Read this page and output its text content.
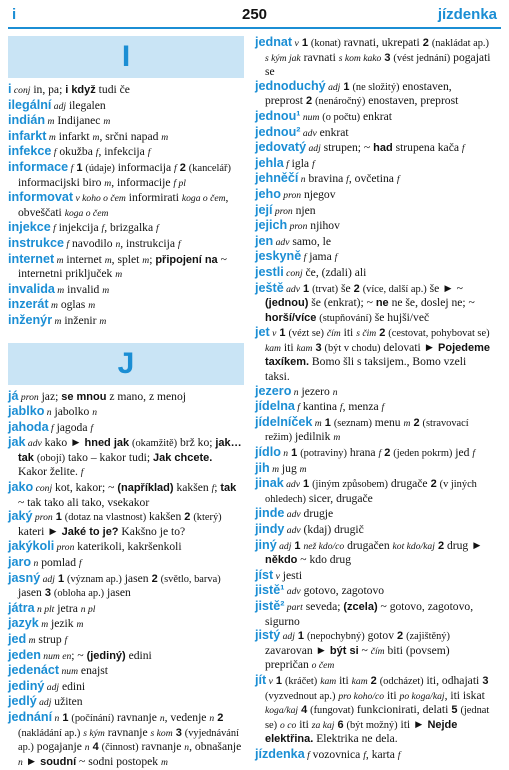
i	250	jízdenka
I
i conj in, pa; i když tudi če
ilegální adj ilegalen
indián m Indijanec m
infarkt m infarkt m, srčni napad m
infekce f okužba f, infekcija f
informace f 1 (údaje) informacija f 2 (kancelář) informacijski biro m, informacije f pl
informovat v koho o čem informirati koga o čem, obveščati koga o čem
injekce f injekcija f, brizgalka f
instrukce f navodilo n, instrukcija f
internet m internet m, splet m; připojení na ~ internetni priključek m
invalida m invalid m
inzerát m oglas m
inženýr m inženir m
J
já pron jaz; se mnou z mano, z menoj
jablko n jabolko n
jahoda f jagoda f
jak adv kako ► hned jak (okamžitě) brž ko; jak… tak (obojí) tako – kakor tudi; Jak chcete. Kakor želite. f
jako conj kot, kakor; ~ (například) kakšen f; tak ~ tak tako ali tako, vsekakor
jaký pron 1 (dotaz na vlastnost) kakšen 2 (který) kateri ► Jaké to je? Kakšno je to?
jakýkoli pron katerikoli, kakršenkoli
jaro n pomlad f
jasný adj 1 (význam ap.) jasen 2 (světlo, barva) jasen 3 (obloha ap.) jasen
játra n plt jetra n pl
jazyk m jezik m
jed m strup f
jeden num en; ~ (jediný) edini
jedenáct num enajst
jediný adj edini
jedlý adj užiten
jednání n 1 (počínání) ravnanje n, vedenje n 2 (nakládání ap.) s kým ravnanje s kom 3 (vyjednávání ap.) pogajanje n 4 (činnost) ravnanje n, obnašanje n ► soudní ~ sodni postopek m
jednat v 1 (konat) ravnati, ukrepati 2 (nakládat ap.) s kým jak ravnati s kom kako 3 (vést jednání) pogajati se
jednoduchý adj 1 (ne složitý) enostaven, preprost 2 (nenáročný) enostaven, preprost
jednou¹ num (o počtu) enkrat
jednou² adv enkrat
jedovatý adj strupen; ~ had strupena kača f
jehla f igla f
jehněčí n bravina f, ovčetina f
jeho pron njegov
její pron njen
jejich pron njihov
jen adv samo, le
jeskyně f jama f
jestli conj če, (zdali) ali
ještě adv 1 (trvat) še 2 (více, další ap.) še ► ~ (jednou) še (enkrat); ~ ne ne še, doslej ne; ~ horší/více (stupňování) še hujši/več
jet v 1 (vézt se) čím iti s čim 2 (cestovat, pohybovat se) kam iti kam 3 (být v chodu) delovati ► Pojedeme taxíkem. Bomo šli s taksijem., Bomo vzeli taksi.
jezero n jezero n
jídelna f kantina f, menza f
jídelníček m 1 (seznam) menu m 2 (stravovací režim) jedilnik m
jídlo n 1 (potraviny) hrana f 2 (jeden pokrm) jed f
jih m jug m
jinak adv 1 (jiným způsobem) drugače 2 (v jiných ohledech) sicer, drugače
jinde adv drugje
jindy adv (kdaj) drugič
jiný adj 1 než kdo/co drugačen kot kdo/kaj 2 drug ► někdo ~ kdo drug
jíst v jesti
jistě¹ adv gotovo, zagotovo
jistě² part seveda; (zcela) ~ gotovo, zagotovo, sigurno
jistý adj 1 (nepochybný) gotov 2 (zajištěný) zavarovan ► být si ~ čím biti (povsem) prepričan o čem
jít v 1 (kráčet) kam iti kam 2 (odcházet) iti, odhajati 3 (vyzvednout ap.) pro koho/co iti po koga/kaj, iti iskat koga/kaj 4 (fungovat) funkcionirati, delati 5 (jednat se) o co iti za kaj 6 (být možný) iti ► Nejde elektřina. Elektrika ne dela.
jízdenka f vozovnica f, karta f
